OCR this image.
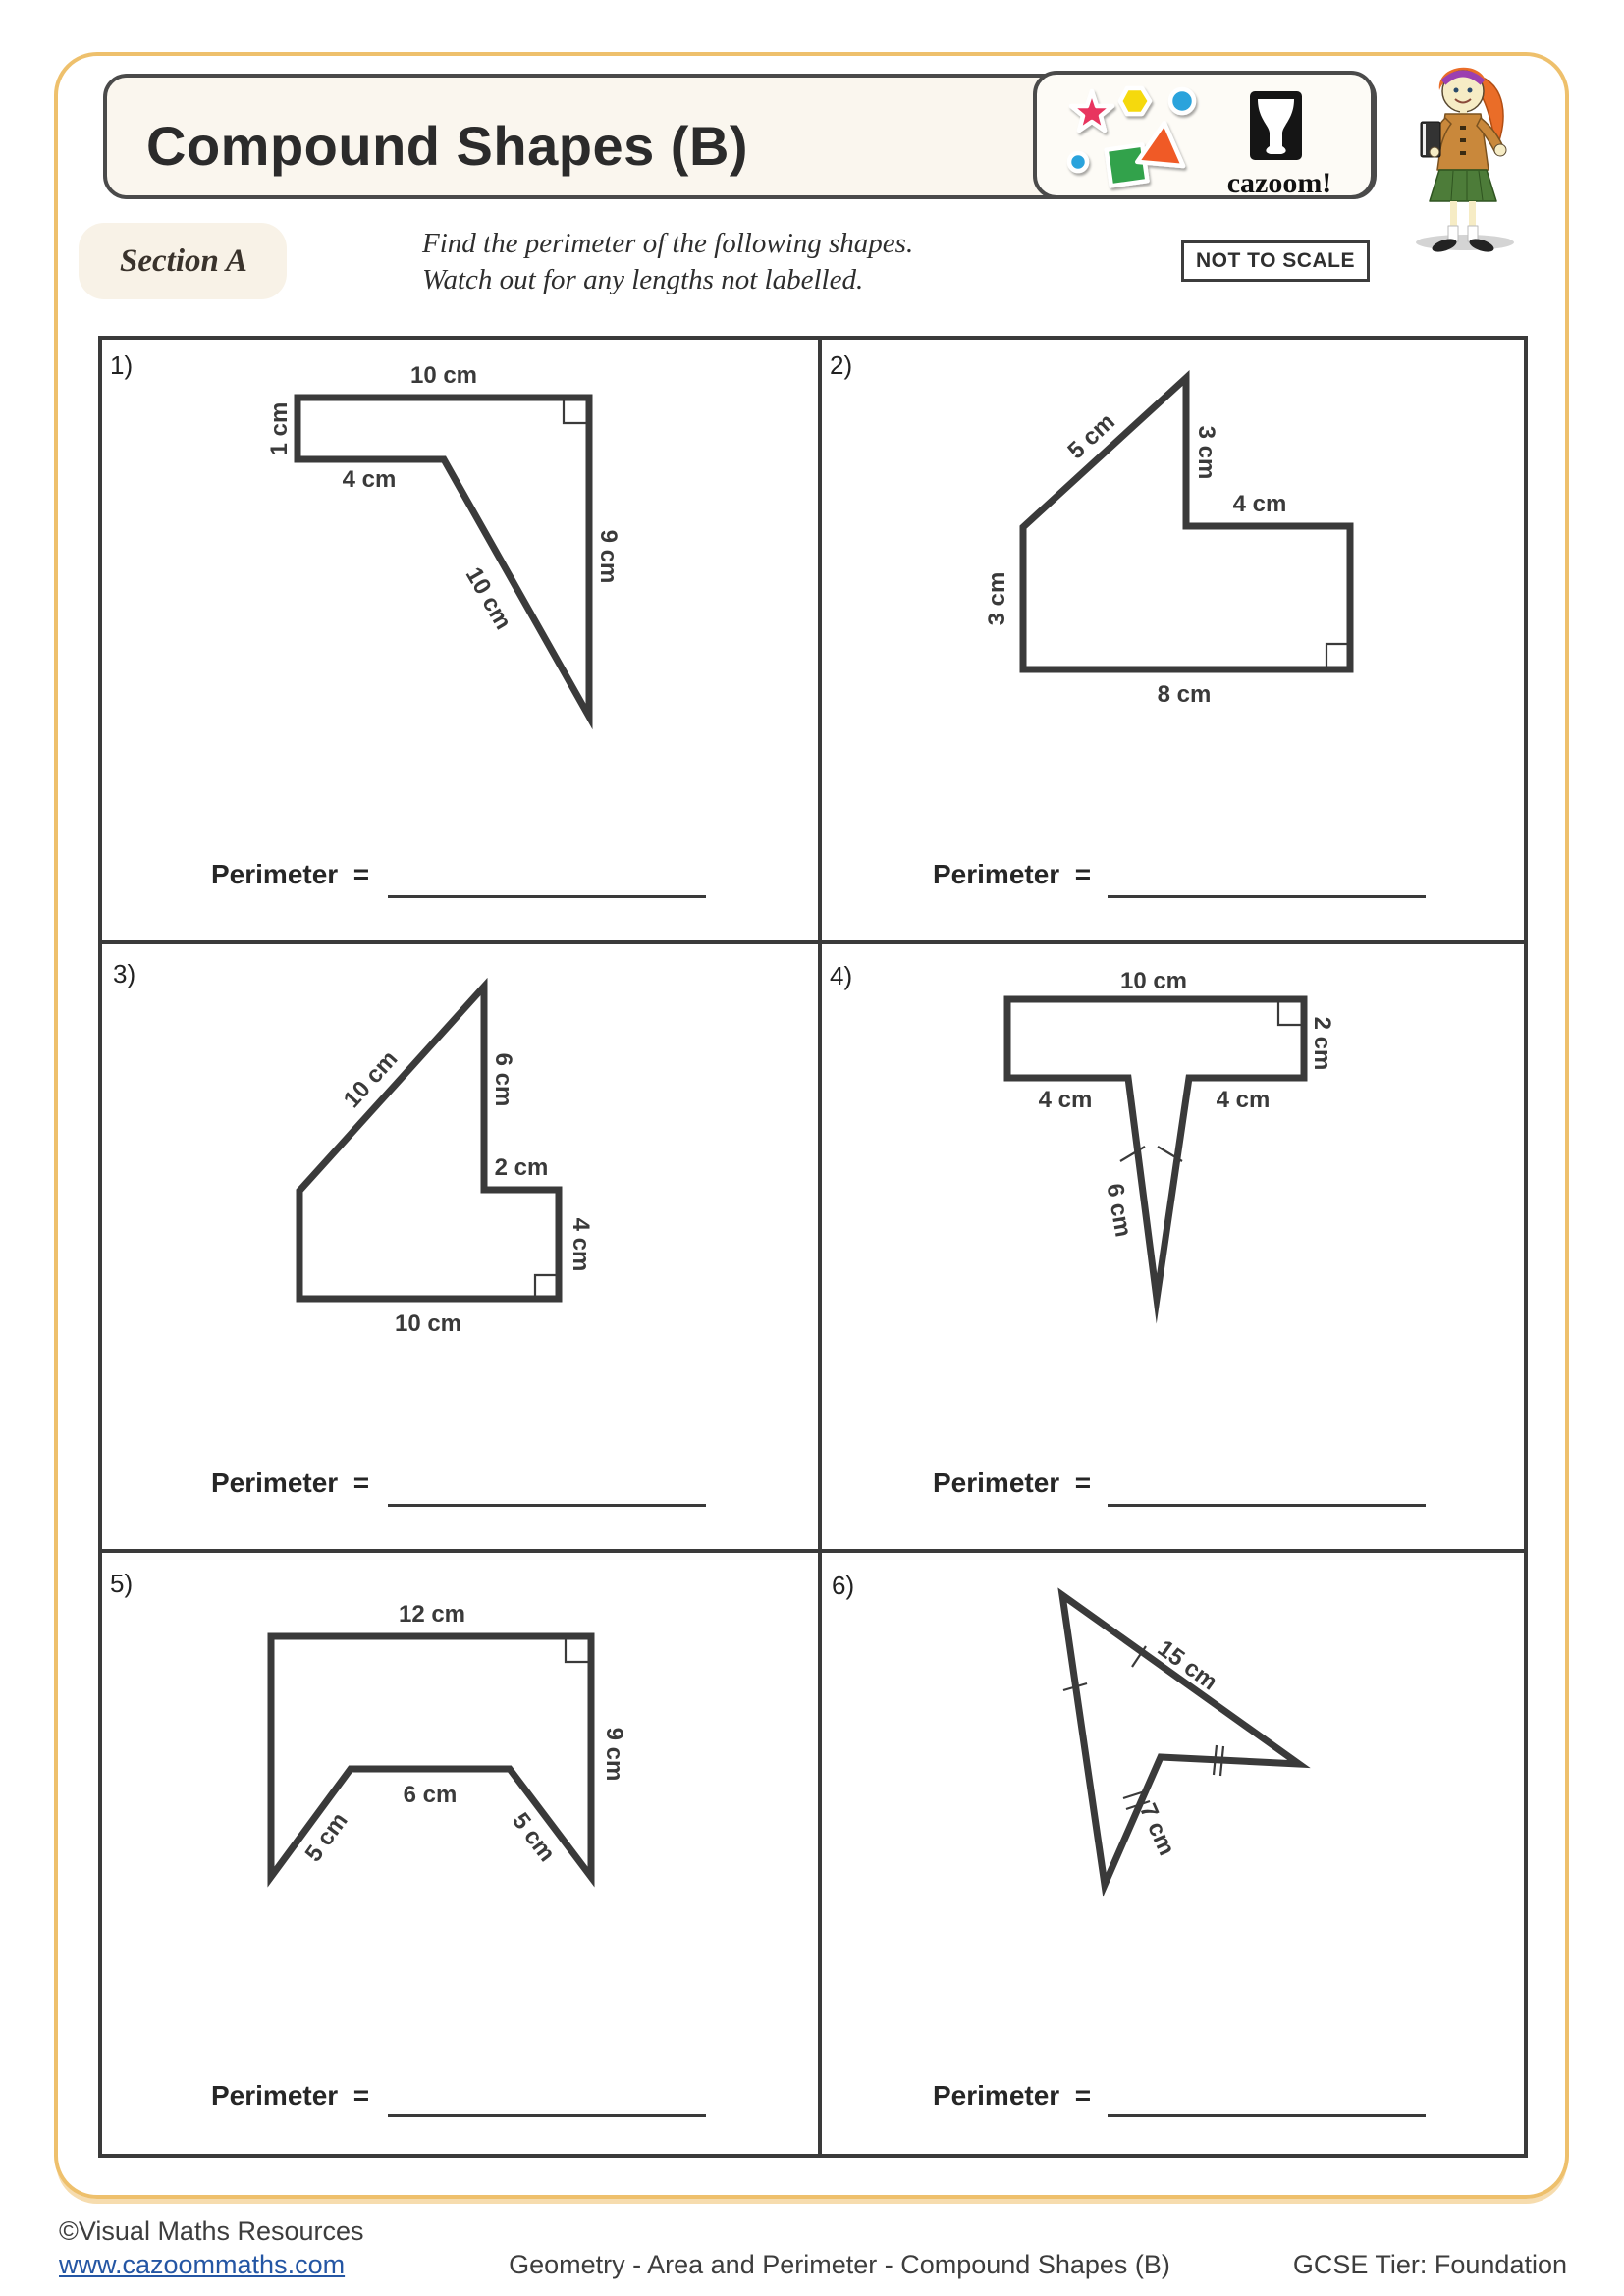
Compound Shapes (B)
cazoom!
Section A	Find the perimeter of the following shapes.
Watch out for any lengths not labelled.
NOT TO SCALE
1)	2)
3)	4)
5)	6)
10 cm
1 cm
4 cm
10 cm
9 cm
5 cm	3 cm
4 cm
3 cm
8 cm
10 cm	6 cm
2 cm
4 cm
10 cm
10 cm
2 cm
4 cm	4 cm
6 cm
12 cm
9 cm
6 cm
5 cm	5 cm
15 cm
7 cm
Perimeter  =	Perimeter  =
Perimeter  =	Perimeter  =
Perimeter  =	Perimeter  =
©Visual Maths Resources
www.cazoommaths.com	Geometry - Area and Perimeter - Compound Shapes (B)	GCSE Tier: Foundation
